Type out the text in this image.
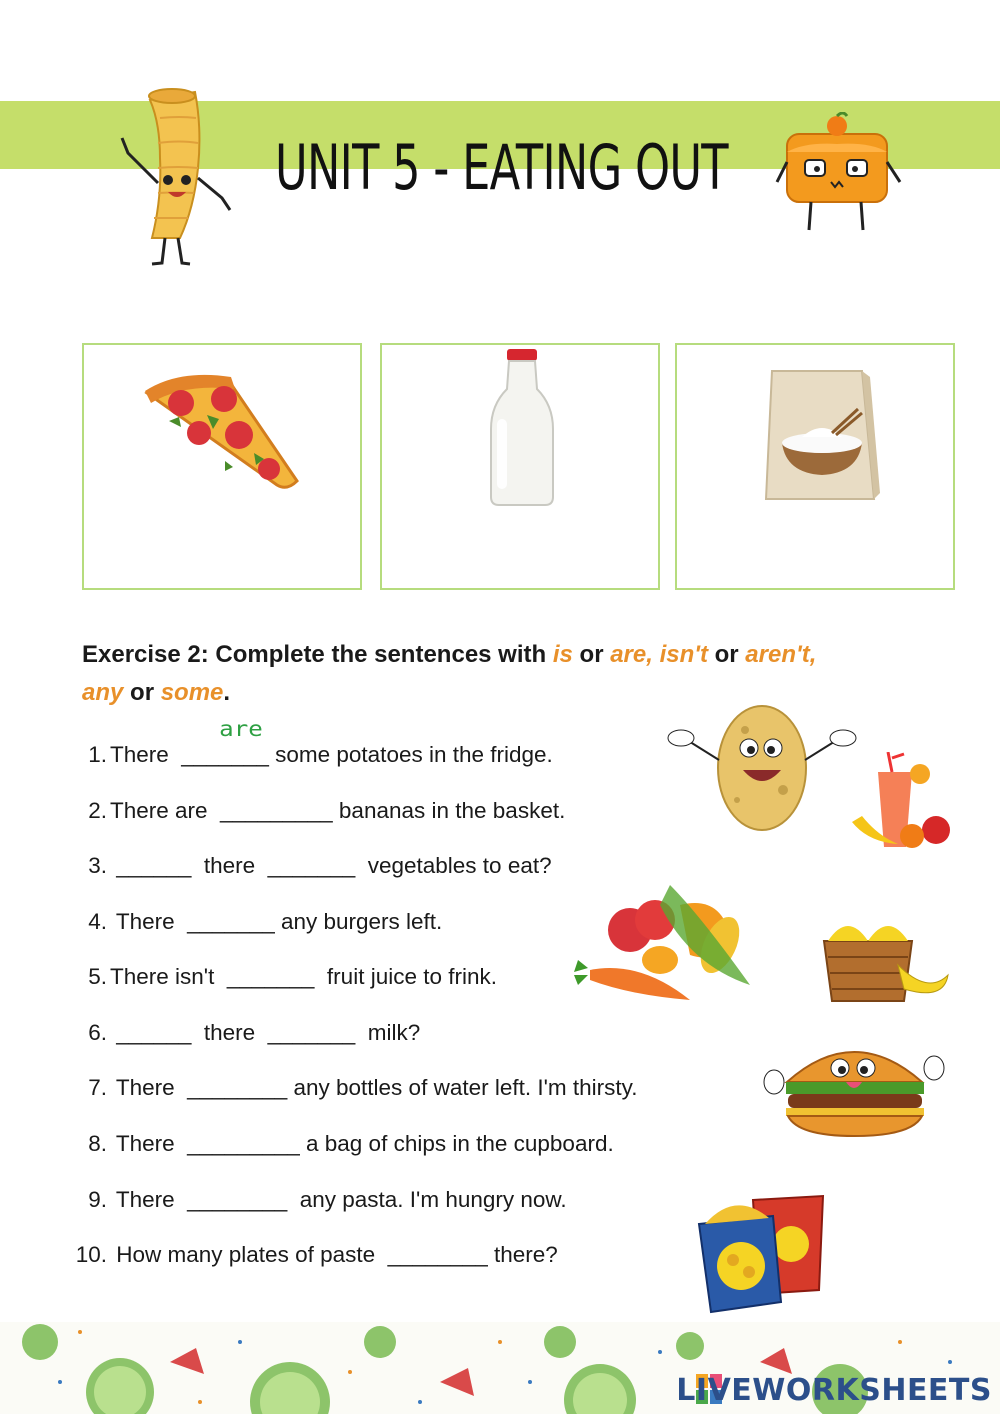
UNIT 5 - EATING OUT
Exercise 2: Complete the sentences with is or are, isn't or aren't,
any or some.
1. There  _______ some potatoes in the fridge.
are
2. There are  _________ bananas in the basket.
3. ______  there  _______  vegetables to eat?
4. There  _______ any burgers left.
5. There isn't  _______  fruit juice to frink.
6. ______  there  _______  milk?
7. There  ________ any bottles of water left. I'm thirsty.
8. There  _________ a bag of chips in the cupboard.
9. There  ________  any pasta. I'm hungry now.
10. How many plates of paste  ________ there?
LIVEWORKSHEETS
